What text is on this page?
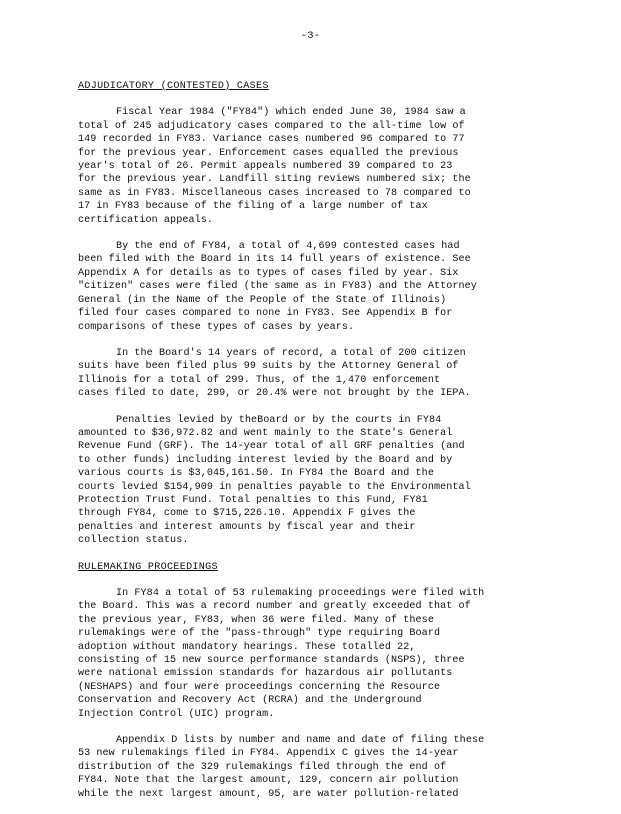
-3-
ADJUDICATORY (CONTESTED) CASES
Fiscal Year 1984 ("FY84") which ended June 30, 1984 saw a
total of 245 adjudicatory cases compared to the all-time low of
149 recorded in FY83. Variance cases numbered 96 compared to 77
for the previous year. Enforcement cases equalled the previous
year's total of 26. Permit appeals numbered 39 compared to 23
for the previous year. Landfill siting reviews numbered six; the
same as in FY83. Miscellaneous cases increased to 78 compared to
17 in FY83 because of the filing of a large number of tax
certification appeals.
By the end of FY84, a total of 4,699 contested cases had
been filed with the Board in its 14 full years of existence. See
Appendix A for details as to types of cases filed by year. Six
"citizen" cases were filed (the same as in FY83) and the Attorney
General (in the Name of the People of the State of Illinois)
filed four cases compared to none in FY83. See Appendix B for
comparisons of these types of cases by years.
In the Board's 14 years of record, a total of 200 citizen
suits have been filed plus 99 suits by the Attorney General of
Illinois for a total of 299. Thus, of the 1,470 enforcement
cases filed to date, 299, or 20.4% were not brought by the IEPA.
Penalties levied by theBoard or by the courts in FY84
amounted to $36,972.82 and went mainly to the State's General
Revenue Fund (GRF). The 14-year total of all GRF penalties (and
to other funds) including interest levied by the Board and by
various courts is $3,045,161.50. In FY84 the Board and the
courts levied $154,909 in penalties payable to the Environmental
Protection Trust Fund. Total penalties to this Fund, FY81
through FY84, come to $715,226.10. Appendix F gives the
penalties and interest amounts by fiscal year and their
collection status.
RULEMAKING PROCEEDINGS
In FY84 a total of 53 rulemaking proceedings were filed with
the Board. This was a record number and greatly exceeded that of
the previous year, FY83, when 36 were filed. Many of these
rulemakings were of the "pass-through" type requiring Board
adoption without mandatory hearings. These totalled 22,
consisting of 15 new source performance standards (NSPS), three
were national emission standards for hazardous air pollutants
(NESHAPS) and four were proceedings concerning the Resource
Conservation and Recovery Act (RCRA) and the Underground
Injection Control (UIC) program.
Appendix D lists by number and name and date of filing these
53 new rulemakings filed in FY84. Appendix C gives the 14-year
distribution of the 329 rulemakings filed through the end of
FY84. Note that the largest amount, 129, concern air pollution
while the next largest amount, 95, are water pollution-related
